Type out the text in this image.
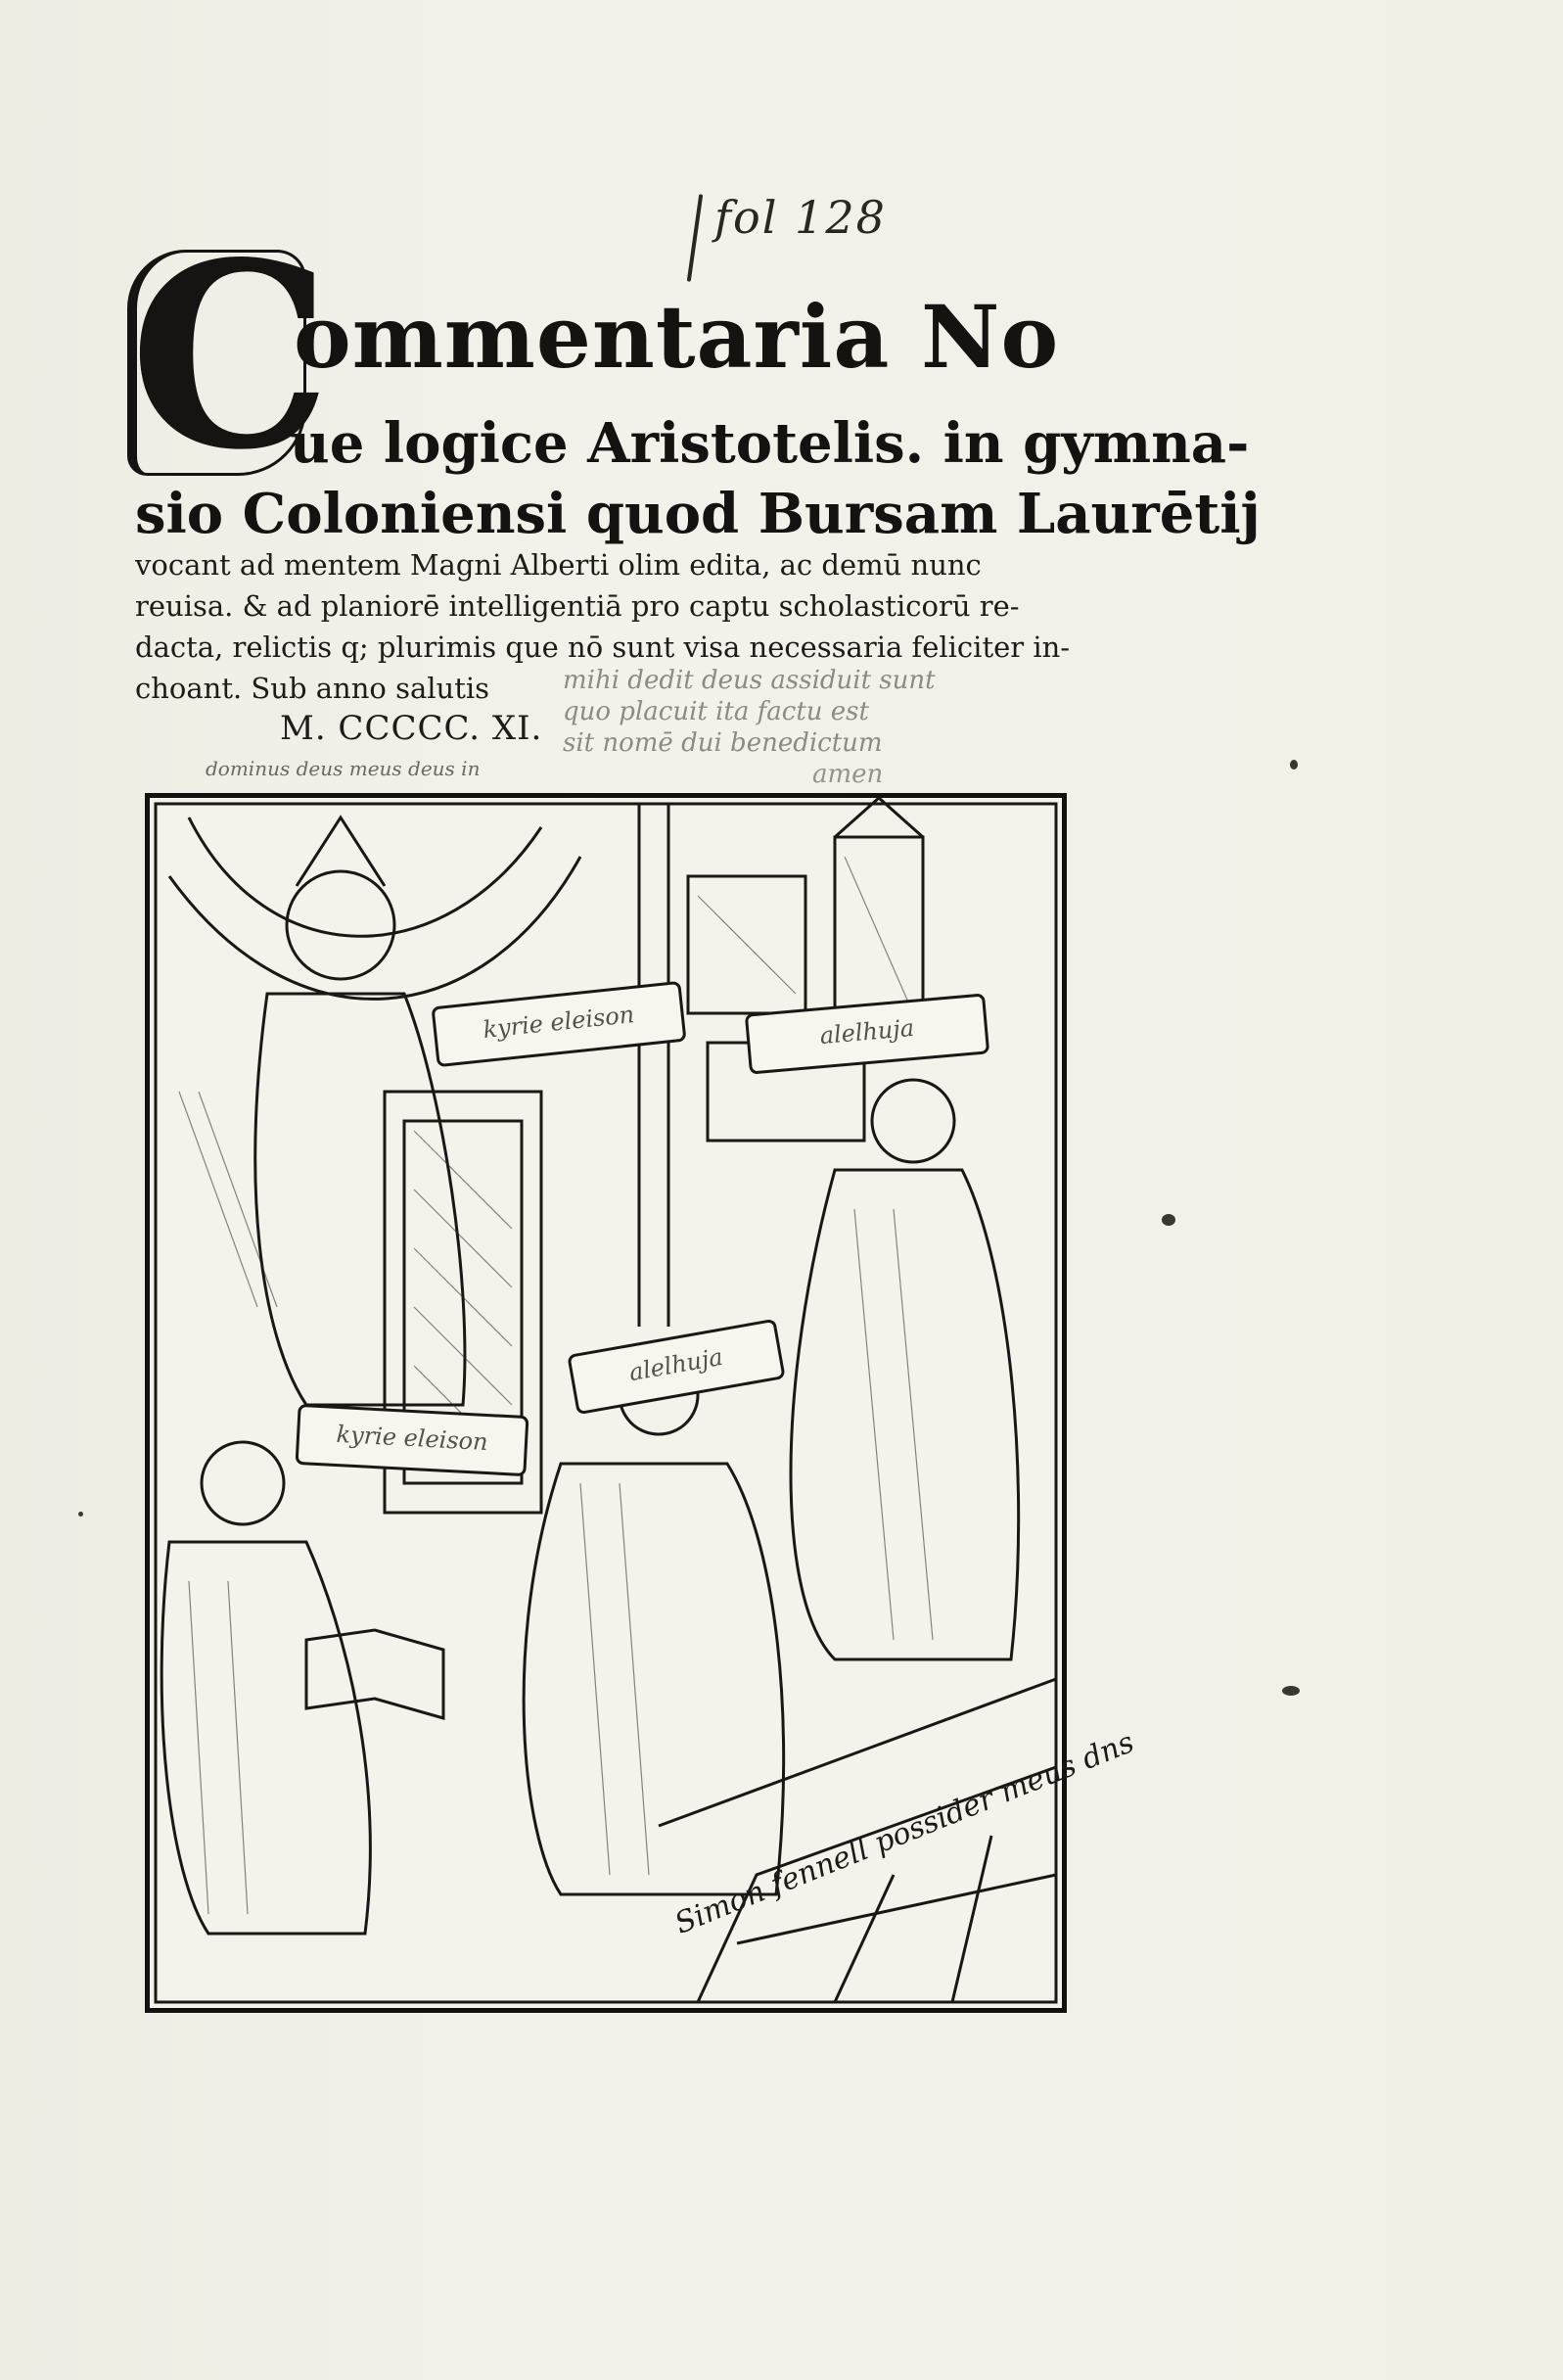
fol 128
C
ommentaria No
ue logice Aristotelis. in gymna-
sio Coloniensi quod Bursam Laurētij
vocant ad mentem Magni Alberti olim edita, ac demū nunc
reuisa. & ad planiorē intelligentiā pro captu scholasticorū re-
dacta, relictis q; plurimis que nō sunt visa necessaria feliciter in-
choant. Sub anno salutis
M. CCCCC. XI.
mihi dedit deus assiduit sunt
quo placuit ita factu est
sit nomē dui benedictum
amen
dominus deus meus deus in
kyrie eleison	alelhuja
alelhuja
kyrie eleison
Simon fennell possider meus dns
